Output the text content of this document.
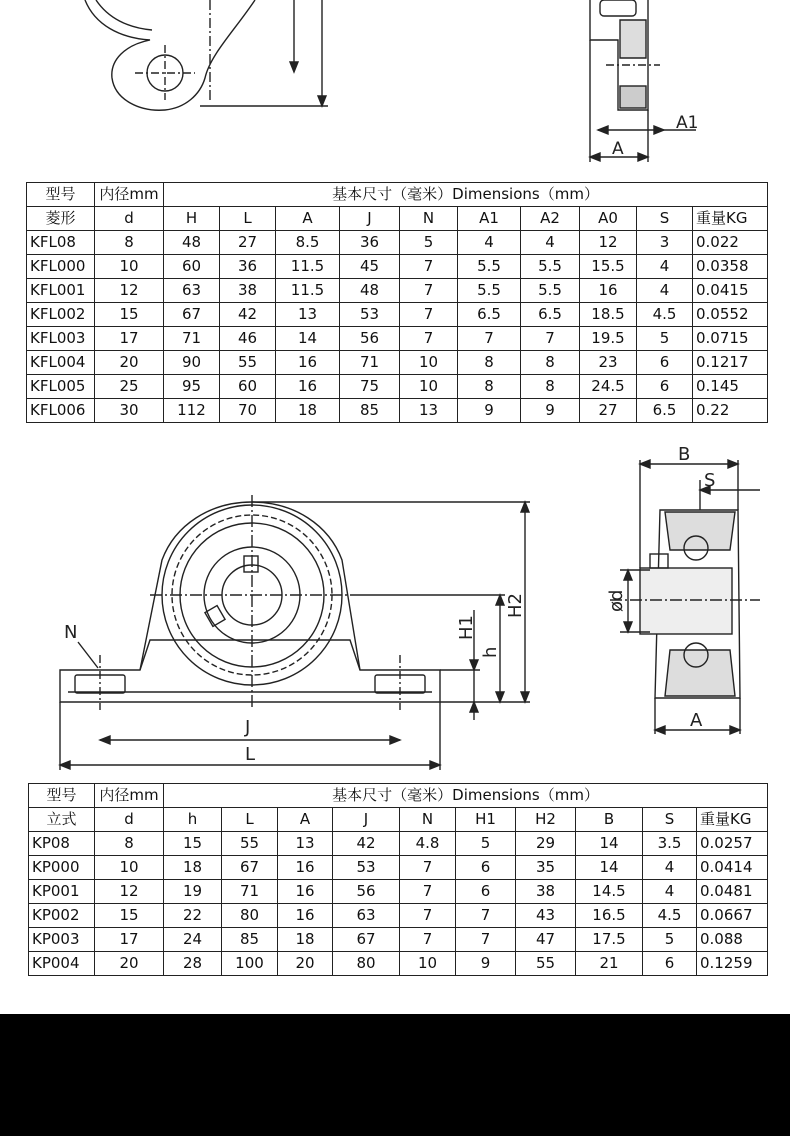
A1
A
型号	内径mm	基本尺寸（毫米）Dimensions（mm）									
菱形	d	H	L	A	J	N	A1	A2	A0	S	重量KG
KFL08	8	48	27	8.5	36	5	4	4	12	3	0.022
KFL000	10	60	36	11.5	45	7	5.5	5.5	15.5	4	0.0358
KFL001	12	63	38	11.5	48	7	5.5	5.5	16	4	0.0415
KFL002	15	67	42	13	53	7	6.5	6.5	18.5	4.5	0.0552
KFL003	17	71	46	14	56	7	7	7	19.5	5	0.0715
KFL004	20	90	55	16	71	10	8	8	23	6	0.1217
KFL005	25	95	60	16	75	10	8	8	24.5	6	0.145
KFL006	30	112	70	18	85	13	9	9	27	6.5	0.22
N	H1
h
H2
J
L
B
S
ød
A
型号	内径mm	基本尺寸（毫米）Dimensions（mm）									
立式	d	h	L	A	J	N	H1	H2	B	S	重量KG
KP08	8	15	55	13	42	4.8	5	29	14	3.5	0.0257
KP000	10	18	67	16	53	7	6	35	14	4	0.0414
KP001	12	19	71	16	56	7	6	38	14.5	4	0.0481
KP002	15	22	80	16	63	7	7	43	16.5	4.5	0.0667
KP003	17	24	85	18	67	7	7	47	17.5	5	0.088
KP004	20	28	100	20	80	10	9	55	21	6	0.1259
